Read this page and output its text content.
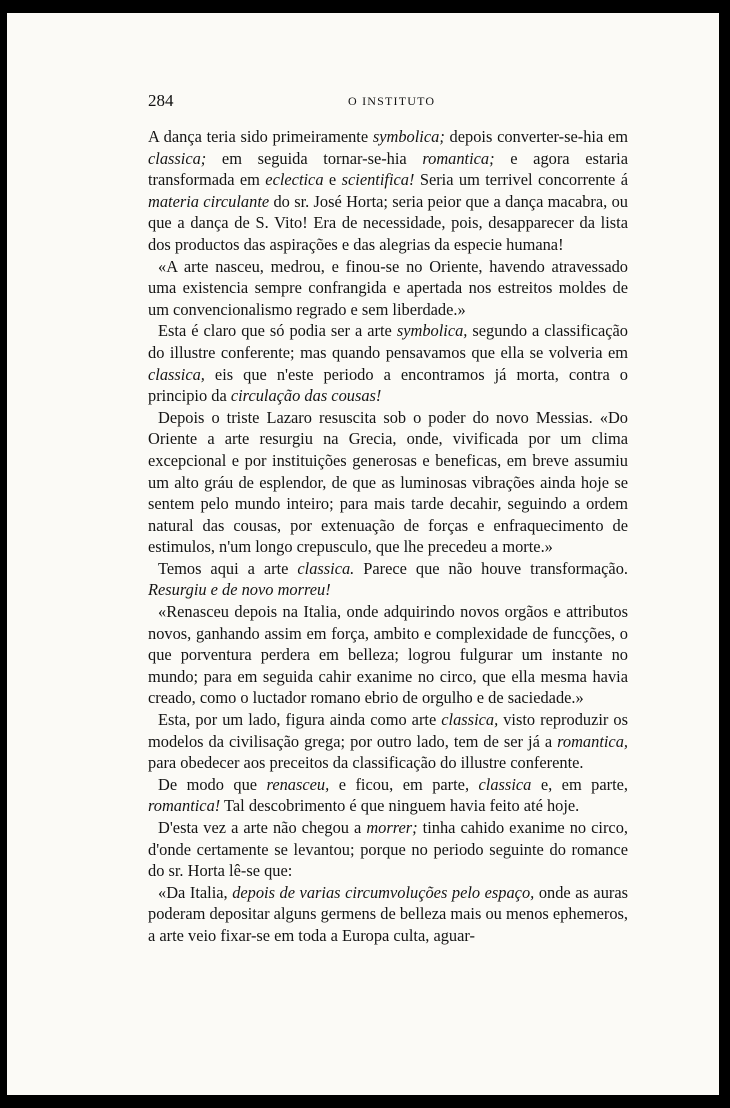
284	O INSTITUTO

A dança teria sido primeiramente symbolica; depois converter-se-hia em classica; em seguida tornar-se-hia romantica; e agora estaria transformada em eclectica e scientifica! Seria um terrivel concorrente á materia circulante do sr. José Horta; seria peior que a dança macabra, ou que a dança de S. Vito! Era de necessidade, pois, desapparecer da lista dos productos das aspirações e das alegrias da especie humana!

«A arte nasceu, medrou, e finou-se no Oriente, havendo atravessado uma existencia sempre confrangida e apertada nos estreitos moldes de um convencionalismo regrado e sem liberdade.»

Esta é claro que só podia ser a arte symbolica, segundo a classificação do illustre conferente; mas quando pensavamos que ella se volveria em classica, eis que n'este periodo a encontramos já morta, contra o principio da circulação das cousas!

Depois o triste Lazaro resuscita sob o poder do novo Messias. «Do Oriente a arte resurgiu na Grecia, onde, vivificada por um clima excepcional e por instituições generosas e beneficas, em breve assumiu um alto gráu de esplendor, de que as luminosas vibrações ainda hoje se sentem pelo mundo inteiro; para mais tarde decahir, seguindo a ordem natural das cousas, por extenuação de forças e enfraquecimento de estimulos, n'um longo crepusculo, que lhe precedeu a morte.»

Temos aqui a arte classica. Parece que não houve transformação. Resurgiu e de novo morreu!

«Renasceu depois na Italia, onde adquirindo novos orgãos e attributos novos, ganhando assim em força, ambito e complexidade de funcções, o que porventura perdera em belleza; logrou fulgurar um instante no mundo; para em seguida cahir exanime no circo, que ella mesma havia creado, como o luctador romano ebrio de orgulho e de saciedade.»

Esta, por um lado, figura ainda como arte classica, visto reproduzir os modelos da civilisação grega; por outro lado, tem de ser já a romantica, para obedecer aos preceitos da classificação do illustre conferente.

De modo que renasceu, e ficou, em parte, classica e, em parte, romantica! Tal descobrimento é que ninguem havia feito até hoje.

D'esta vez a arte não chegou a morrer; tinha cahido exanime no circo, d'onde certamente se levantou; porque no periodo seguinte do romance do sr. Horta lê-se que:

«Da Italia, depois de varias circumvoluções pelo espaço, onde as auras poderam depositar alguns germens de belleza mais ou menos ephemeros, a arte veio fixar-se em toda a Europa culta, aguar-
